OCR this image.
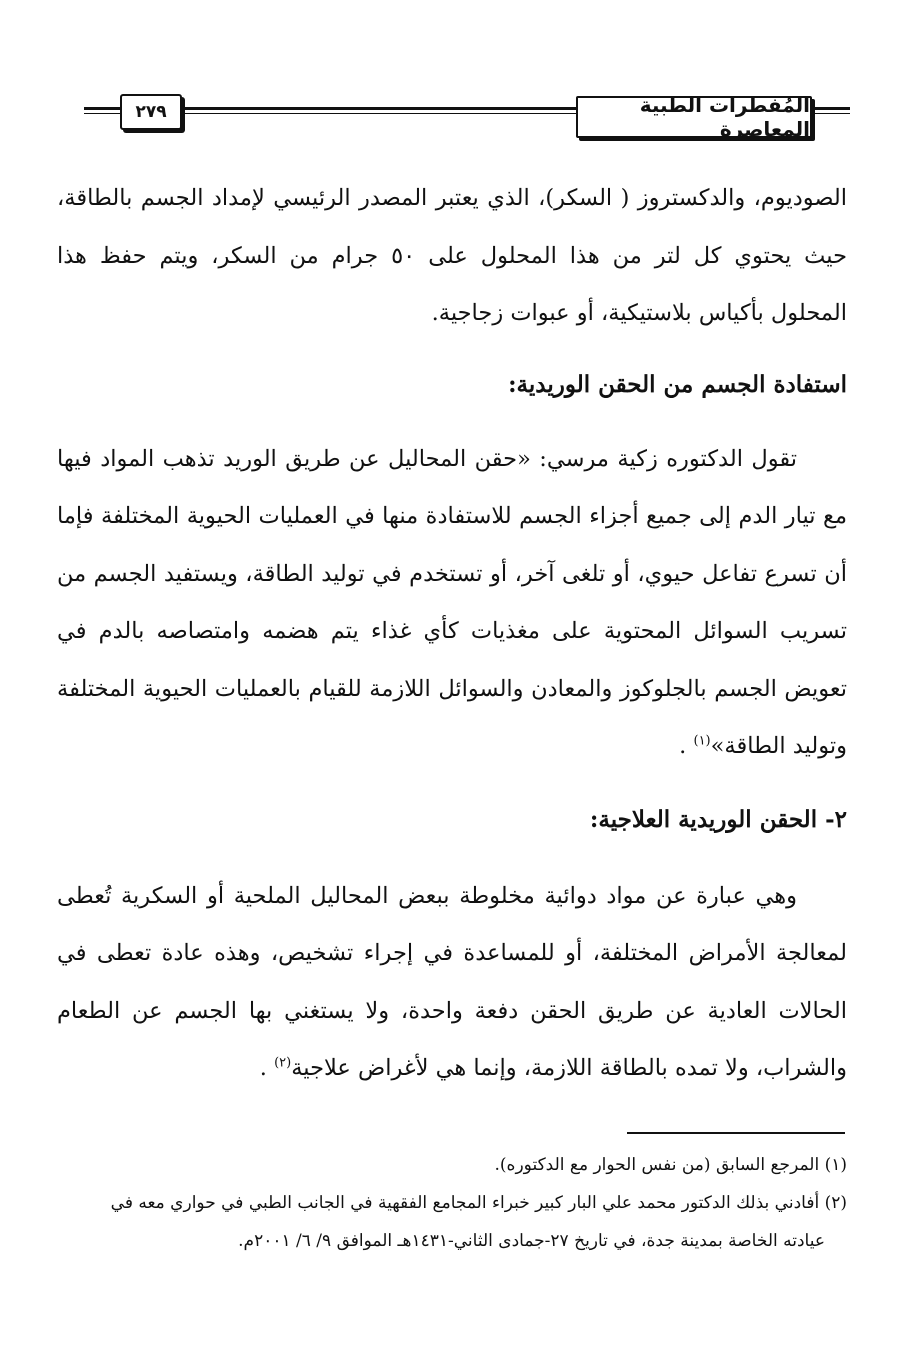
٢٧٩	المُفطرات الطبية المعاصرة

الصوديوم، والدكستروز ( السكر)، الذي يعتبر المصدر الرئيسي لإمداد الجسم بالطاقة، حيث يحتوي كل لتر من هذا المحلول على ٥٠ جرام من السكر، ويتم حفظ هذا المحلول بأكياس بلاستيكية، أو عبوات زجاجية.

استفادة الجسم من الحقن الوريدية:

تقول الدكتوره زكية مرسي: «حقن المحاليل عن طريق الوريد تذهب المواد فيها مع تيار الدم إلى جميع أجزاء الجسم للاستفادة منها في العمليات الحيوية المختلفة فإما أن تسرع تفاعل حيوي، أو تلغى آخر، أو تستخدم في توليد الطاقة، ويستفيد الجسم من تسريب السوائل المحتوية على مغذيات كأي غذاء يتم هضمه وامتصاصه بالدم في تعويض الجسم بالجلوكوز والمعادن والسوائل اللازمة للقيام بالعمليات الحيوية المختلفة وتوليد الطاقة»$^{(١)}$ .

٢- الحقن الوريدية العلاجية:

وهي عبارة عن مواد دوائية مخلوطة ببعض المحاليل الملحية أو السكرية تُعطى لمعالجة الأمراض المختلفة، أو للمساعدة في إجراء تشخيص، وهذه عادة تعطى في الحالات العادية عن طريق الحقن دفعة واحدة، ولا يستغني بها الجسم عن الطعام والشراب، ولا تمده بالطاقة اللازمة، وإنما هي لأغراض علاجية$^{(٢)}$ .

(١) المرجع السابق (من نفس الحوار مع الدكتوره).

(٢) أفادني بذلك الدكتور محمد علي البار كبير خبراء المجامع الفقهية في الجانب الطبي في حواري معه في
عيادته الخاصة بمدينة جدة، في تاريخ ٢٧-جمادى الثاني-١٤٣١هـ الموافق ٩/ ٦/ ٢٠٠١م.
